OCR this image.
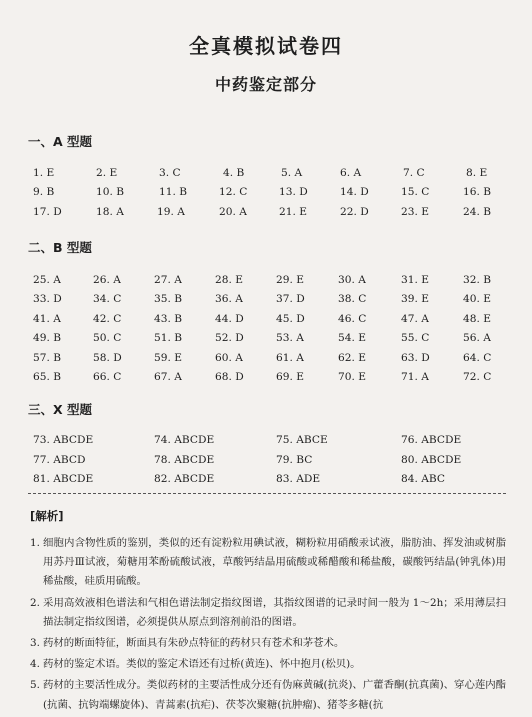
全真模拟试卷四
中药鉴定部分
一、A 型题
1. E	2. E	3. C	4. B	5. A	6. A	7. C	8. E
9. B	10. B	11. B	12. C	13. D	14. D	15. C	16. B
17. D	18. A	19. A	20. A	21. E	22. D	23. E	24. B
二、B 型题
25. A	26. A	27. A	28. E	29. E	30. A	31. E	32. B
33. D	34. C	35. B	36. A	37. D	38. C	39. E	40. E
41. A	42. C	43. B	44. D	45. D	46. C	47. A	48. E
49. B	50. C	51. B	52. D	53. A	54. E	55. C	56. A
57. B	58. D	59. E	60. A	61. A	62. E	63. D	64. C
65. B	66. C	67. A	68. D	69. E	70. E	71. A	72. C
三、X 型题
73. ABCDE	74. ABCDE	75. ABCE	76. ABCDE
77. ABCD	78. ABCDE	79. BC	80. ABCDE
81. ABCDE	82. ABCDE	83. ADE	84. ABC
[解析]
1. 细胞内含物性质的鉴别，类似的还有淀粉粒用碘试液，糊粉粒用硝酸汞试液，脂肪油、挥发油或树脂用苏丹Ⅲ试液，菊糖用苯酚硫酸试液，草酸钙结晶用硫酸或稀醋酸和稀盐酸，碳酸钙结晶(钟乳体)用稀盐酸，硅质用硫酸。
2. 采用高效液相色谱法和气相色谱法制定指纹图谱，其指纹图谱的记录时间一般为 1～2h；采用薄层扫描法制定指纹图谱，必须提供从原点到溶剂前沿的图谱。
3. 药材的断面特征，断面具有朱砂点特征的药材只有苍术和茅苍术。
4. 药材的鉴定术语。类似的鉴定术语还有过桥(黄连)、怀中抱月(松贝)。
5. 药材的主要活性成分。类似药材的主要活性成分还有伪麻黄碱(抗炎)、广藿香酮(抗真菌)、穿心莲内酯(抗菌、抗钩端螺旋体)、青蒿素(抗疟)、茯苓次聚糖(抗肿瘤)、猪苓多糖(抗
